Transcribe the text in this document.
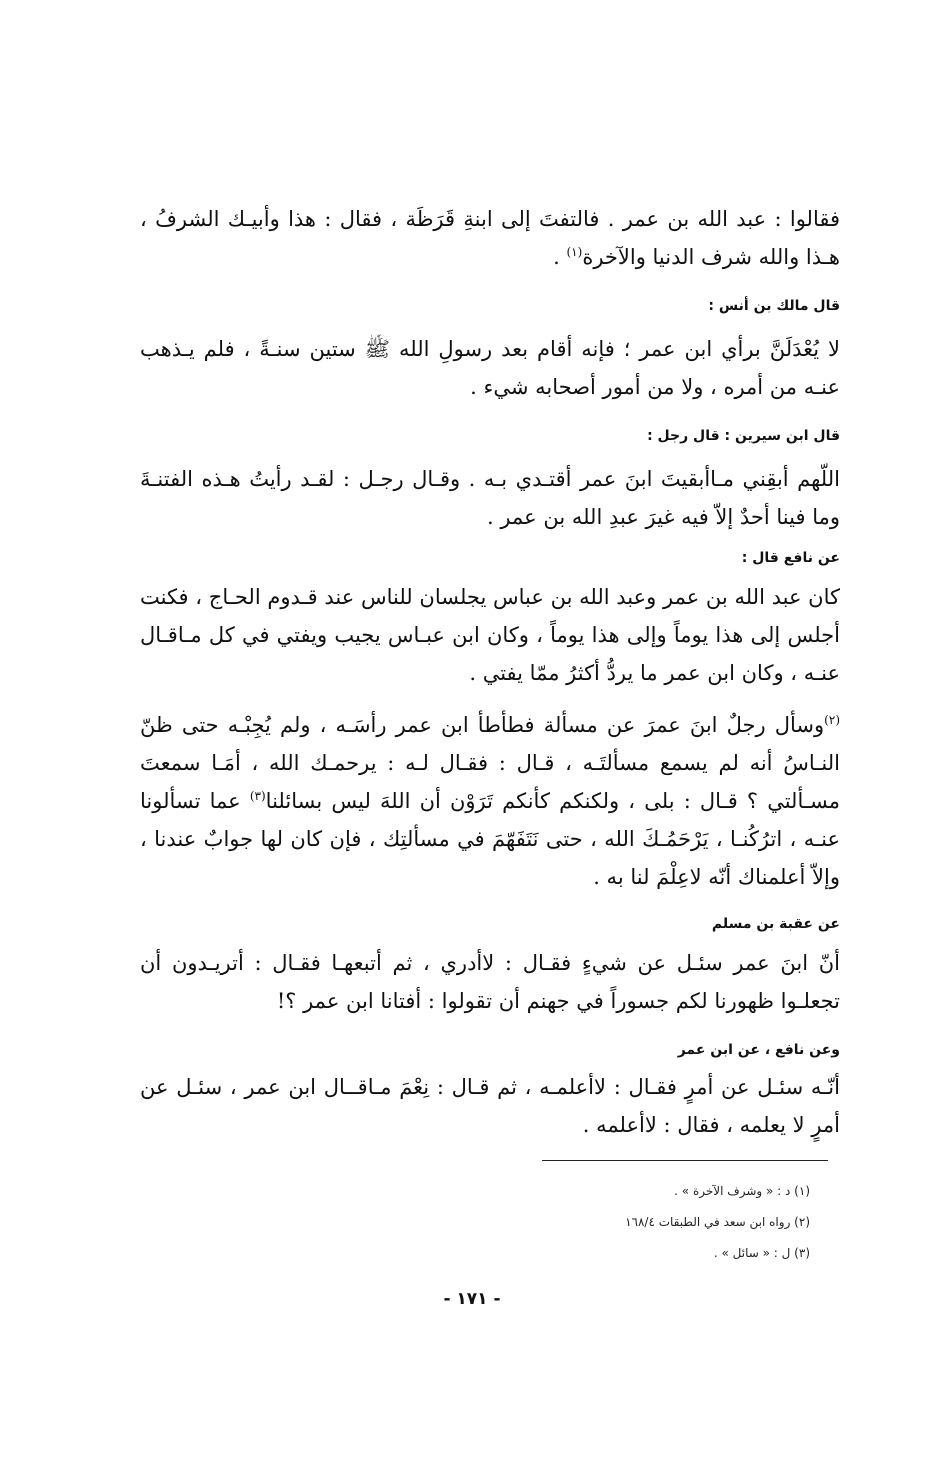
فقالوا : عبد الله بن عمر . فالتفتَ إلى ابنةِ قَرَظَة ، فقال : هذا وأبيـك الشرفُ ، هـذا والله شرف الدنيا والآخرة$^{(١)}$ .

قال مالك بن أنس :

لا يُعْدَلَنَّ برأي ابن عمر ؛ فإنه أقام بعد رسولِ الله ﷺ ستين سنـةً ، فلم يـذهب عنـه من أمره ، ولا من أمور أصحابه شيء .

قال ابن سيرين : قال رجل :

اللّهم أبقِني مـاأبقيتَ ابنَ عمر أقتـدي بـه . وقـال رجـل : لقـد رأيتُ هـذه الفتنـةَ وما فينا أحدٌ إلاّ فيه غيرَ عبدِ الله بن عمر .

عن نافع قال :

كان عبد الله بن عمر وعبد الله بن عباس يجلسان للناس عند قـدوم الحـاج ، فكنت أجلس إلى هذا يوماً وإلى هذا يوماً ، وكان ابن عبـاس يجيب ويفتي في كل مـاقـال عنـه ، وكان ابن عمر ما يردُّ أكثرُ ممّا يفتي .

$^{(٢)}$وسأل رجلٌ ابنَ عمرَ عن مسألة فطأطأ ابن عمر رأسَـه ، ولم يُجِبْـه حتى ظنّ النـاسُ أنه لم يسمع مسألتَـه ، قـال : فقـال لـه : يرحمـك الله ، أمَـا سمعتَ مسـألتي ؟ قـال : بلى ، ولكنكم كأنكم تَرَوْن أن اللهَ ليس بسائلنا$^{(٣)}$ عما تسألونا عنـه ، اترُكُنـا ، يَرْحَمُـكَ الله ، حتى نَتَفَهّمَ في مسألتِك ، فإن كان لها جوابٌ عندنا ، وإلاّ أعلمناك أنّه لاعِلْمَ لنا به .

عن عقبة بن مسلم

أنّ ابنَ عمر سئـل عن شيءٍ فقـال : لاأدري ، ثم أتبعهـا فقـال : أتريـدون أن تجعلـوا ظهورنا لكم جسوراً في جهنم أن تقولوا : أفتانا ابن عمر ؟!

وعن نافع ، عن ابن عمر

أنّـه سئـل عن أمرٍ فقـال : لاأعلمـه ، ثم قـال : نِعْمَ مـاقــال ابن عمر ، سئـل عن أمرٍ لا يعلمه ، فقال : لاأعلمه .

(١) د : « وشرف الآخرة » .

(٢) رواه ابن سعد في الطبقات ١٦٨/٤

(٣) ل : « سائل » .

- ١٧١ -
